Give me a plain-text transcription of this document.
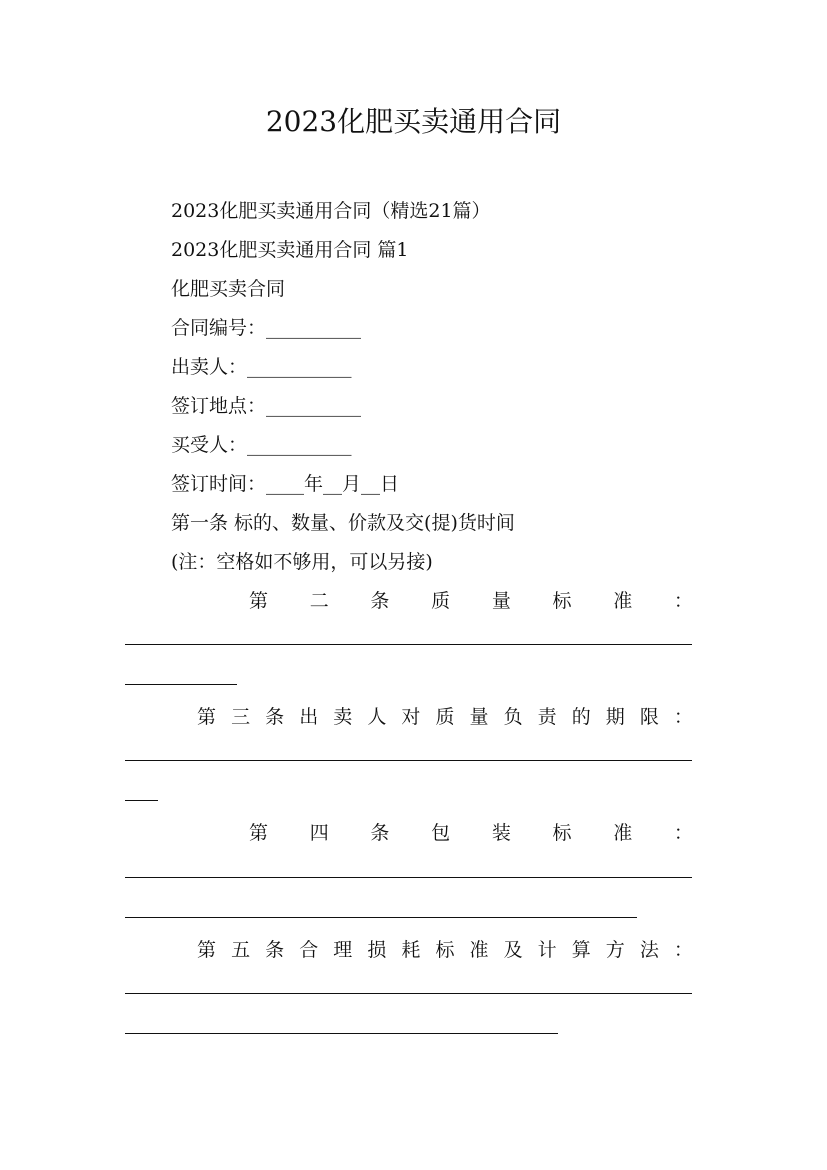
2023化肥买卖通用合同
2023化肥买卖通用合同（精选21篇）
2023化肥买卖通用合同 篇1
化肥买卖合同
合同编号：__________
出卖人：___________
签订地点：__________
买受人：___________
签订时间：____年__月__日
第一条 标的、数量、价款及交(提)货时间
(注：空格如不够用，可以另接)
第 二 条 质 量 标 准 ：
第 三 条 出 卖 人 对 质 量 负 责 的 期 限 ：
第 四 条 包 装 标 准 ：
第 五 条 合 理 损 耗 标 准 及 计 算 方 法 ：
